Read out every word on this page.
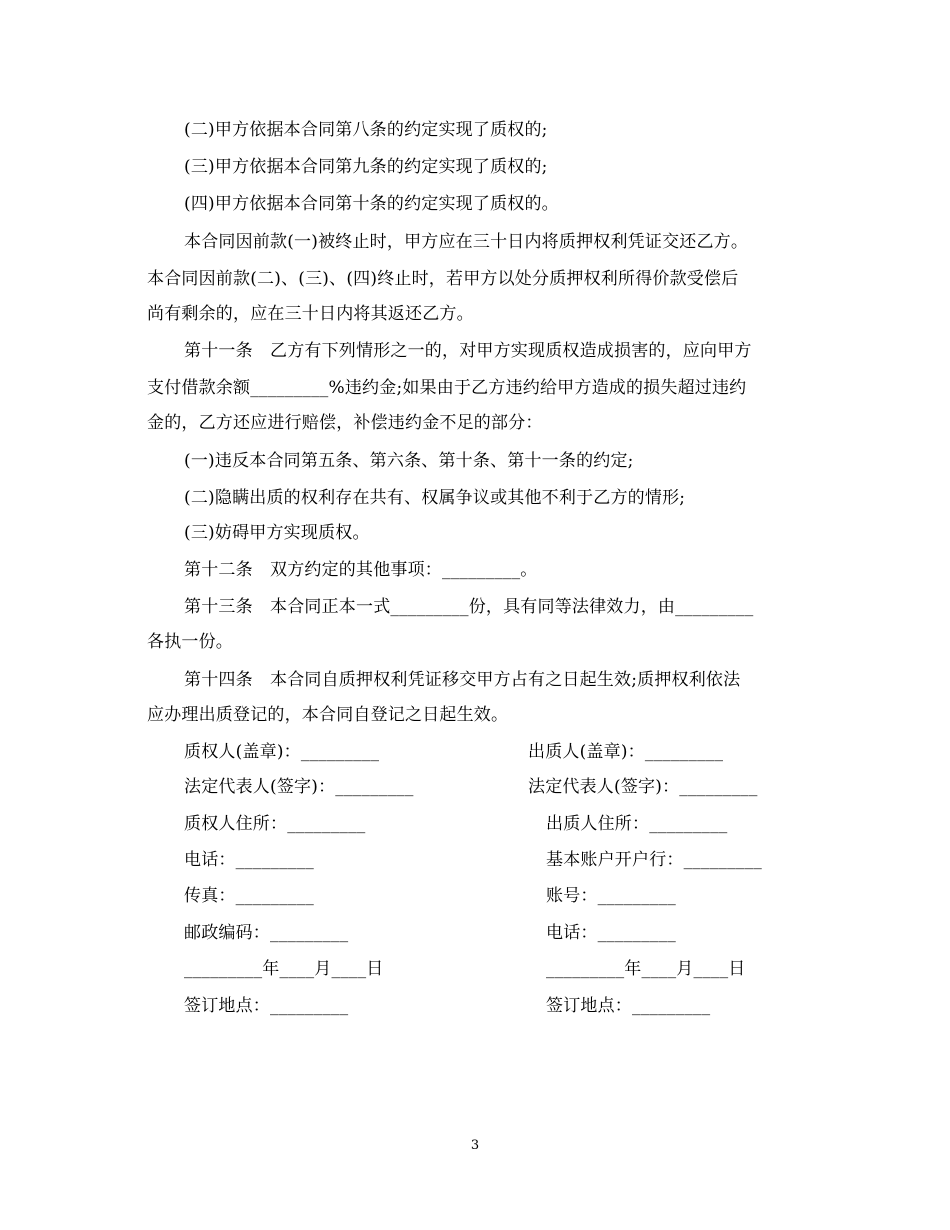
(二)甲方依据本合同第八条的约定实现了质权的;
(三)甲方依据本合同第九条的约定实现了质权的;
(四)甲方依据本合同第十条的约定实现了质权的。
本合同因前款(一)被终止时，甲方应在三十日内将质押权利凭证交还乙方。
本合同因前款(二)、(三)、(四)终止时，若甲方以处分质押权利所得价款受偿后
尚有剩余的，应在三十日内将其返还乙方。
第十一条　乙方有下列情形之一的，对甲方实现质权造成损害的，应向甲方
支付借款余额_________%违约金;如果由于乙方违约给甲方造成的损失超过违约
金的，乙方还应进行赔偿，补偿违约金不足的部分：
(一)违反本合同第五条、第六条、第十条、第十一条的约定;
(二)隐瞒出质的权利存在共有、权属争议或其他不利于乙方的情形;
(三)妨碍甲方实现质权。
第十二条　双方约定的其他事项：_________。
第十三条　本合同正本一式_________份，具有同等法律效力，由_________
各执一份。
第十四条　本合同自质押权利凭证移交甲方占有之日起生效;质押权利依法
应办理出质登记的，本合同自登记之日起生效。
质权人(盖章)：_________
法定代表人(签字)：_________
质权人住所：_________
电话：_________
传真：_________
邮政编码：_________
_________年____月____日
签订地点：_________
出质人(盖章)：_________
法定代表人(签字)：_________
出质人住所：_________
基本账户开户行：_________
账号：_________
电话：_________
_________年____月____日
签订地点：_________
3
